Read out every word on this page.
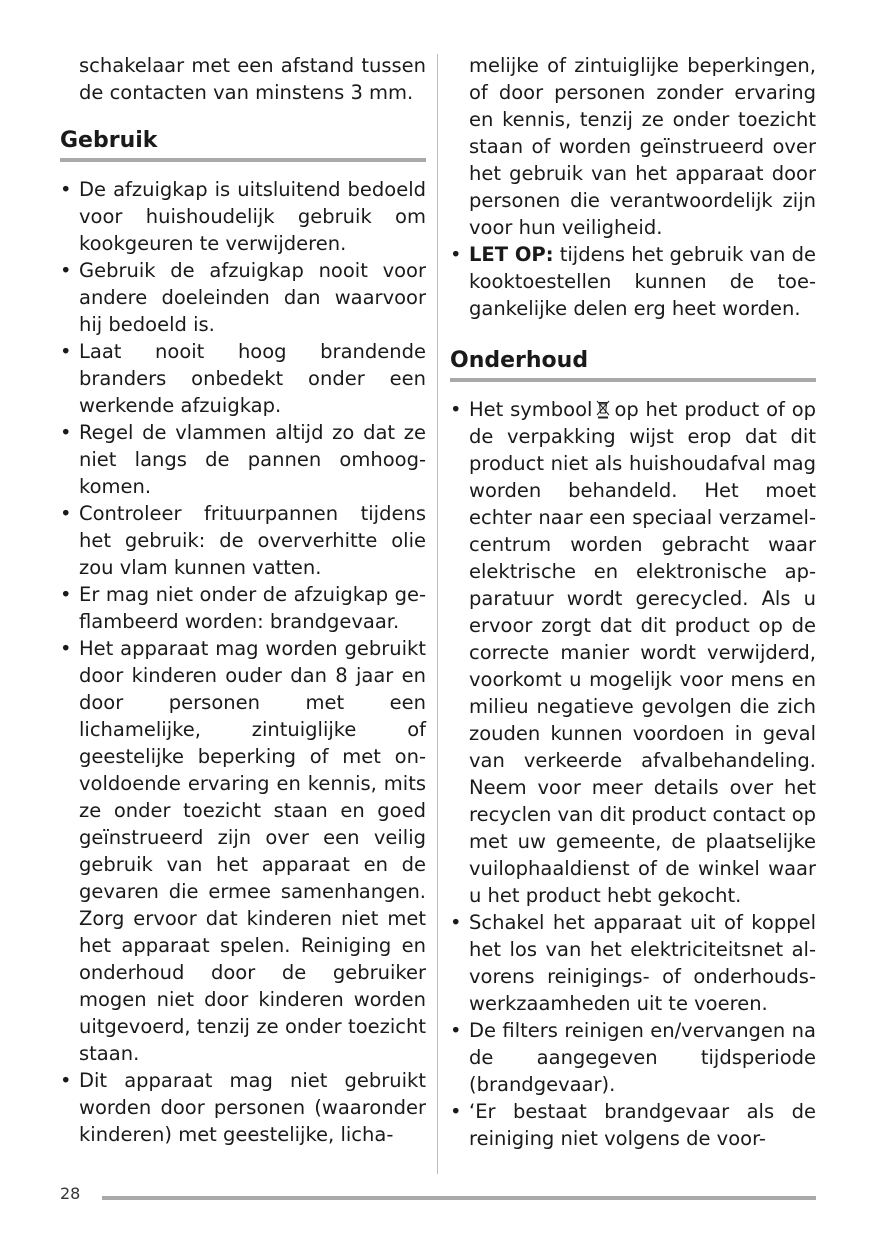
schakelaar met een afstand tussen de contacten van minstens 3 mm.
Gebruik
• De afzuigkap is uitsluitend bedoeld voor huishoudelijk gebruik om kookgeuren te verwijderen.
• Gebruik de afzuigkap nooit voor andere doeleinden dan waarvoor hij bedoeld is.
• Laat nooit hoog brandende branders onbedekt onder een werkende afzuigkap.
• Regel de vlammen altijd zo dat ze niet langs de pannen omhoogkomen.
• Controleer frituurpannen tijdens het gebruik: de oververhitte olie zou vlam kunnen vatten.
• Er mag niet onder de afzuigkap geflambeerd worden: brandgevaar.
• Het apparaat mag worden gebruikt door kinderen ouder dan 8 jaar en door personen met een lichamelijke, zintuiglijke of geestelijke beperking of met onvoldoende ervaring en kennis, mits ze onder toezicht staan en goed geïnstrueerd zijn over een veilig gebruik van het apparaat en de gevaren die ermee samenhangen. Zorg ervoor dat kinderen niet met het apparaat spelen. Reiniging en onderhoud door de gebruiker mogen niet door kinderen worden uitgevoerd, tenzij ze onder toezicht staan.
• Dit apparaat mag niet gebruikt worden door personen (waaronder kinderen) met geestelijke, licha-
melijke of zintuiglijke beperkingen, of door personen zonder ervaring en kennis, tenzij ze onder toezicht staan of worden geïnstrueerd over het gebruik van het apparaat door personen die verantwoordelijk zijn voor hun veiligheid.
• LET OP: tijdens het gebruik van de kooktoestellen kunnen de toegankelijke delen erg heet worden.
Onderhoud
• Het symbool op het product of op de verpakking wijst erop dat dit product niet als huishoudafval mag worden behandeld. Het moet echter naar een speciaal verzamelcentrum worden gebracht waar elektrische en elektronische apparatuur wordt gerecycled. Als u ervoor zorgt dat dit product op de correcte manier wordt verwijderd, voorkomt u mogelijk voor mens en milieu negatieve gevolgen die zich zouden kunnen voordoen in geval van verkeerde afvalbehandeling. Neem voor meer details over het recyclen van dit product contact op met uw gemeente, de plaatselijke vuilophaaldienst of de winkel waar u het product hebt gekocht.
• Schakel het apparaat uit of koppel het los van het elektriciteitsnet alvorens reinigings- of onderhoudswerkzaamheden uit te voeren.
• De filters reinigen en/vervangen na de aangegeven tijdsperiode (brandgevaar).
• ‘Er bestaat brandgevaar als de reiniging niet volgens de voor-
28
